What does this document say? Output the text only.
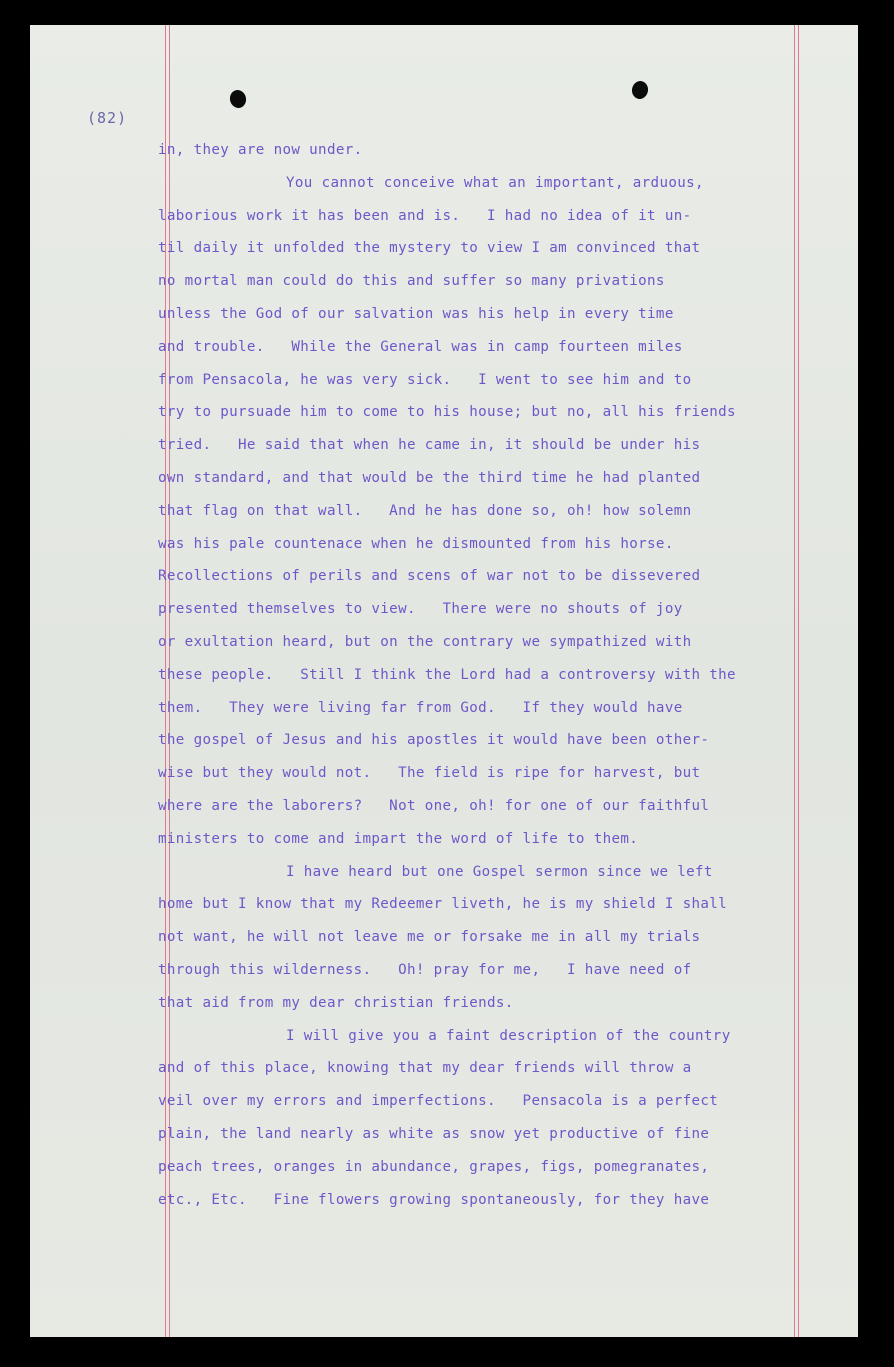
(82)
in, they are now under.
You cannot conceive what an important, arduous,
laborious work it has been and is.   I had no idea of it un-
til daily it unfolded the mystery to view I am convinced that
no mortal man could do this and suffer so many privations
unless the God of our salvation was his help in every time
and trouble.   While the General was in camp fourteen miles
from Pensacola, he was very sick.   I went to see him and to
try to pursuade him to come to his house; but no, all his friends
tried.   He said that when he came in, it should be under his
own standard, and that would be the third time he had planted
that flag on that wall.   And he has done so, oh! how solemn
was his pale countenace when he dismounted from his horse.
Recollections of perils and scens of war not to be dissevered
presented themselves to view.   There were no shouts of joy
or exultation heard, but on the contrary we sympathized with
these people.   Still I think the Lord had a controversy with the
them.   They were living far from God.   If they would have
the gospel of Jesus and his apostles it would have been other-
wise but they would not.   The field is ripe for harvest, but
where are the laborers?   Not one, oh! for one of our faithful
ministers to come and impart the word of life to them.
I have heard but one Gospel sermon since we left
home but I know that my Redeemer liveth, he is my shield I shall
not want, he will not leave me or forsake me in all my trials
through this wilderness.   Oh! pray for me,   I have need of
that aid from my dear christian friends.
I will give you a faint description of the country
and of this place, knowing that my dear friends will throw a
veil over my errors and imperfections.   Pensacola is a perfect
plain, the land nearly as white as snow yet productive of fine
peach trees, oranges in abundance, grapes, figs, pomegranates,
etc., Etc.   Fine flowers growing spontaneously, for they have
